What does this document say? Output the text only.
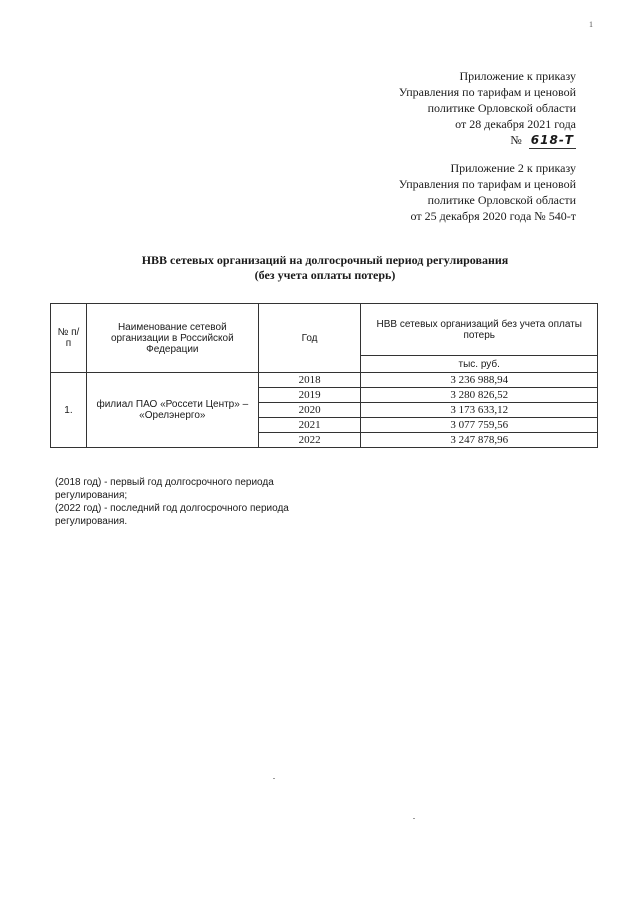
1
Приложение к приказу
Управления по тарифам и ценовой
политике Орловской области
от 28 декабря 2021 года
№ 618-Т
Приложение 2 к приказу
Управления по тарифам и ценовой
политике Орловской области
от 25 декабря 2020 года № 540-т
НВВ сетевых организаций на долгосрочный период регулирования
(без учета оплаты потерь)
№ п/п	Наименование сетевой организации в Российской Федерации	Год	НВВ сетевых организаций без учета оплаты потерь
			тыс. руб.
1.	филиал ПАО «Россети Центр» – «Орелэнерго»	2018	3 236 988,94
		2019	3 280 826,52
		2020	3 173 633,12
		2021	3 077 759,56
		2022	3 247 878,96

(2018 год) - первый год долгосрочного периода

регулирования;

(2022 год) - последний год долгосрочного периода

регулирования.
